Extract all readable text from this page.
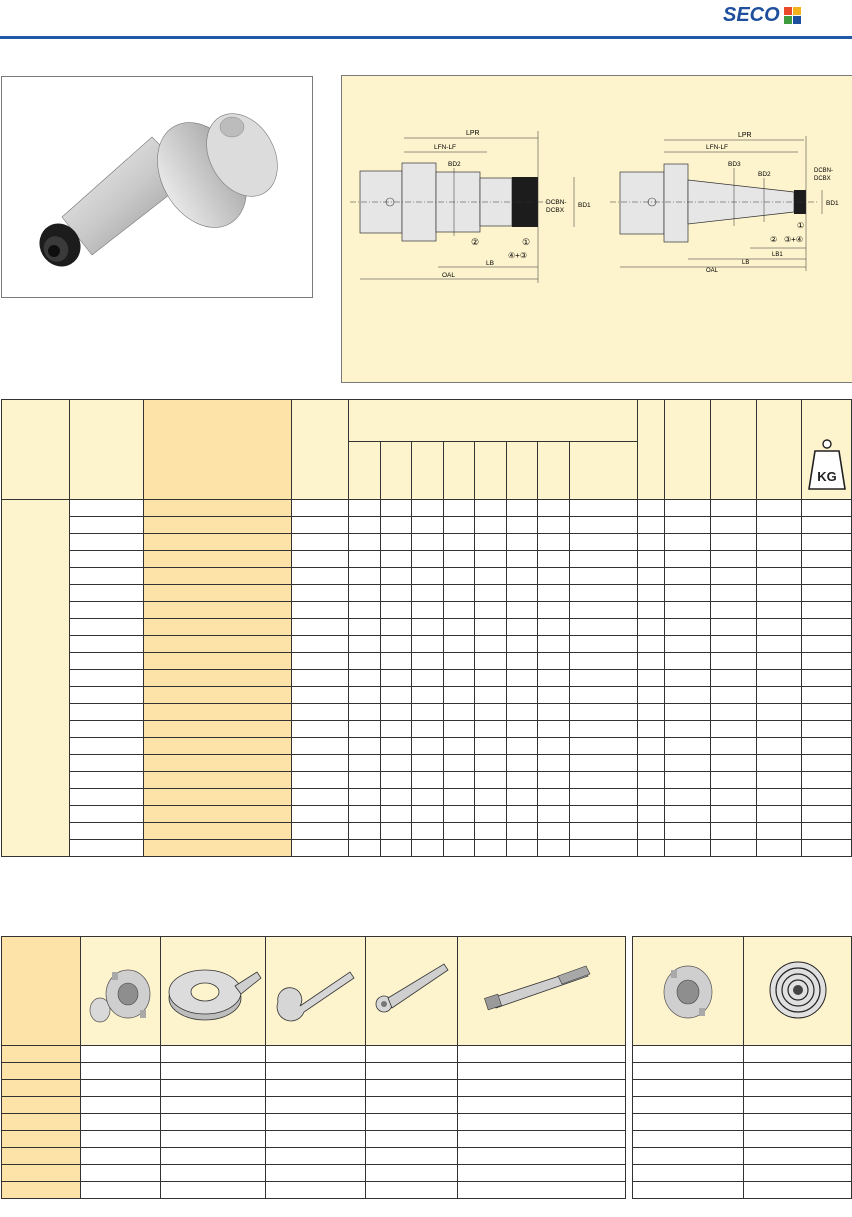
SECO
LPR
LFN-LF
BD2
DCBN-
DCBX
BD1
②	①
④+③
LB
OAL
LPR
LFN-LF
BD3
BD2	DCBN-
DCBX
BD1
①
② ③+④
LB1
LB
OAL

KG
